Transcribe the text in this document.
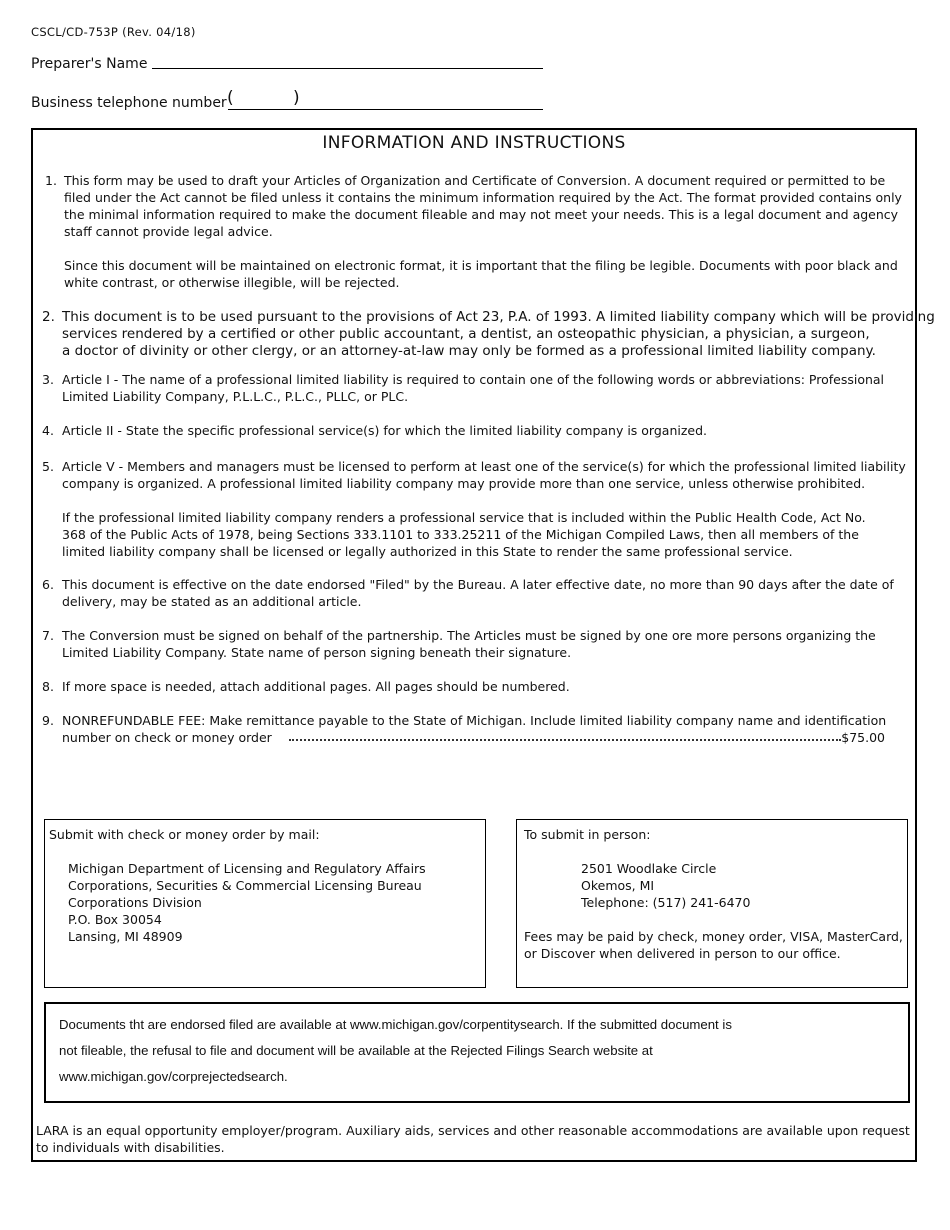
CSCL/CD-753P (Rev. 04/18)
Preparer's Name
Business telephone number (	)
INFORMATION AND INSTRUCTIONS
1. This form may be used to draft your Articles of Organization and Certificate of Conversion. A document required or permitted to be
filed under the Act cannot be filed unless it contains the minimum information required by the Act. The format provided contains only
the minimal information required to make the document fileable and may not meet your needs. This is a legal document and agency
staff cannot provide legal advice.
Since this document will be maintained on electronic format, it is important that the filing be legible. Documents with poor black and
white contrast, or otherwise illegible, will be rejected.
2. This document is to be used pursuant to the provisions of Act 23, P.A. of 1993. A limited liability company which will be providing
services rendered by a certified or other public accountant, a dentist, an osteopathic physician, a physician, a surgeon,
a doctor of divinity or other clergy, or an attorney-at-law may only be formed as a professional limited liability company.
3. Article I - The name of a professional limited liability is required to contain one of the following words or abbreviations: Professional
Limited Liability Company, P.L.L.C., P.L.C., PLLC, or PLC.
4. Article II - State the specific professional service(s) for which the limited liability company is organized.
5. Article V - Members and managers must be licensed to perform at least one of the service(s) for which the professional limited liability
company is organized. A professional limited liability company may provide more than one service, unless otherwise prohibited.
If the professional limited liability company renders a professional service that is included within the Public Health Code, Act No.
368 of the Public Acts of 1978, being Sections 333.1101 to 333.25211 of the Michigan Compiled Laws, then all members of the
limited liability company shall be licensed or legally authorized in this State to render the same professional service.
6. This document is effective on the date endorsed "Filed" by the Bureau. A later effective date, no more than 90 days after the date of
delivery, may be stated as an additional article.
7. The Conversion must be signed on behalf of the partnership. The Articles must be signed by one ore more persons organizing the
Limited Liability Company. State name of person signing beneath their signature.
8. If more space is needed, attach additional pages. All pages should be numbered.
9. NONREFUNDABLE FEE: Make remittance payable to the State of Michigan. Include limited liability company name and identification
number on check or money order	$75.00
Submit with check or money order by mail:
Michigan Department of Licensing and Regulatory Affairs
Corporations, Securities & Commercial Licensing Bureau
Corporations Division
P.O. Box 30054
Lansing, MI 48909
To submit in person:
2501 Woodlake Circle
Okemos, MI
Telephone: (517) 241-6470
Fees may be paid by check, money order, VISA, MasterCard,
or Discover when delivered in person to our office.
Documents tht are endorsed filed are available at www.michigan.gov/corpentitysearch. If the submitted document is
not fileable, the refusal to file and document will be available at the Rejected Filings Search website at
www.michigan.gov/corprejectedsearch.
LARA is an equal opportunity employer/program. Auxiliary aids, services and other reasonable accommodations are available upon request
to individuals with disabilities.
